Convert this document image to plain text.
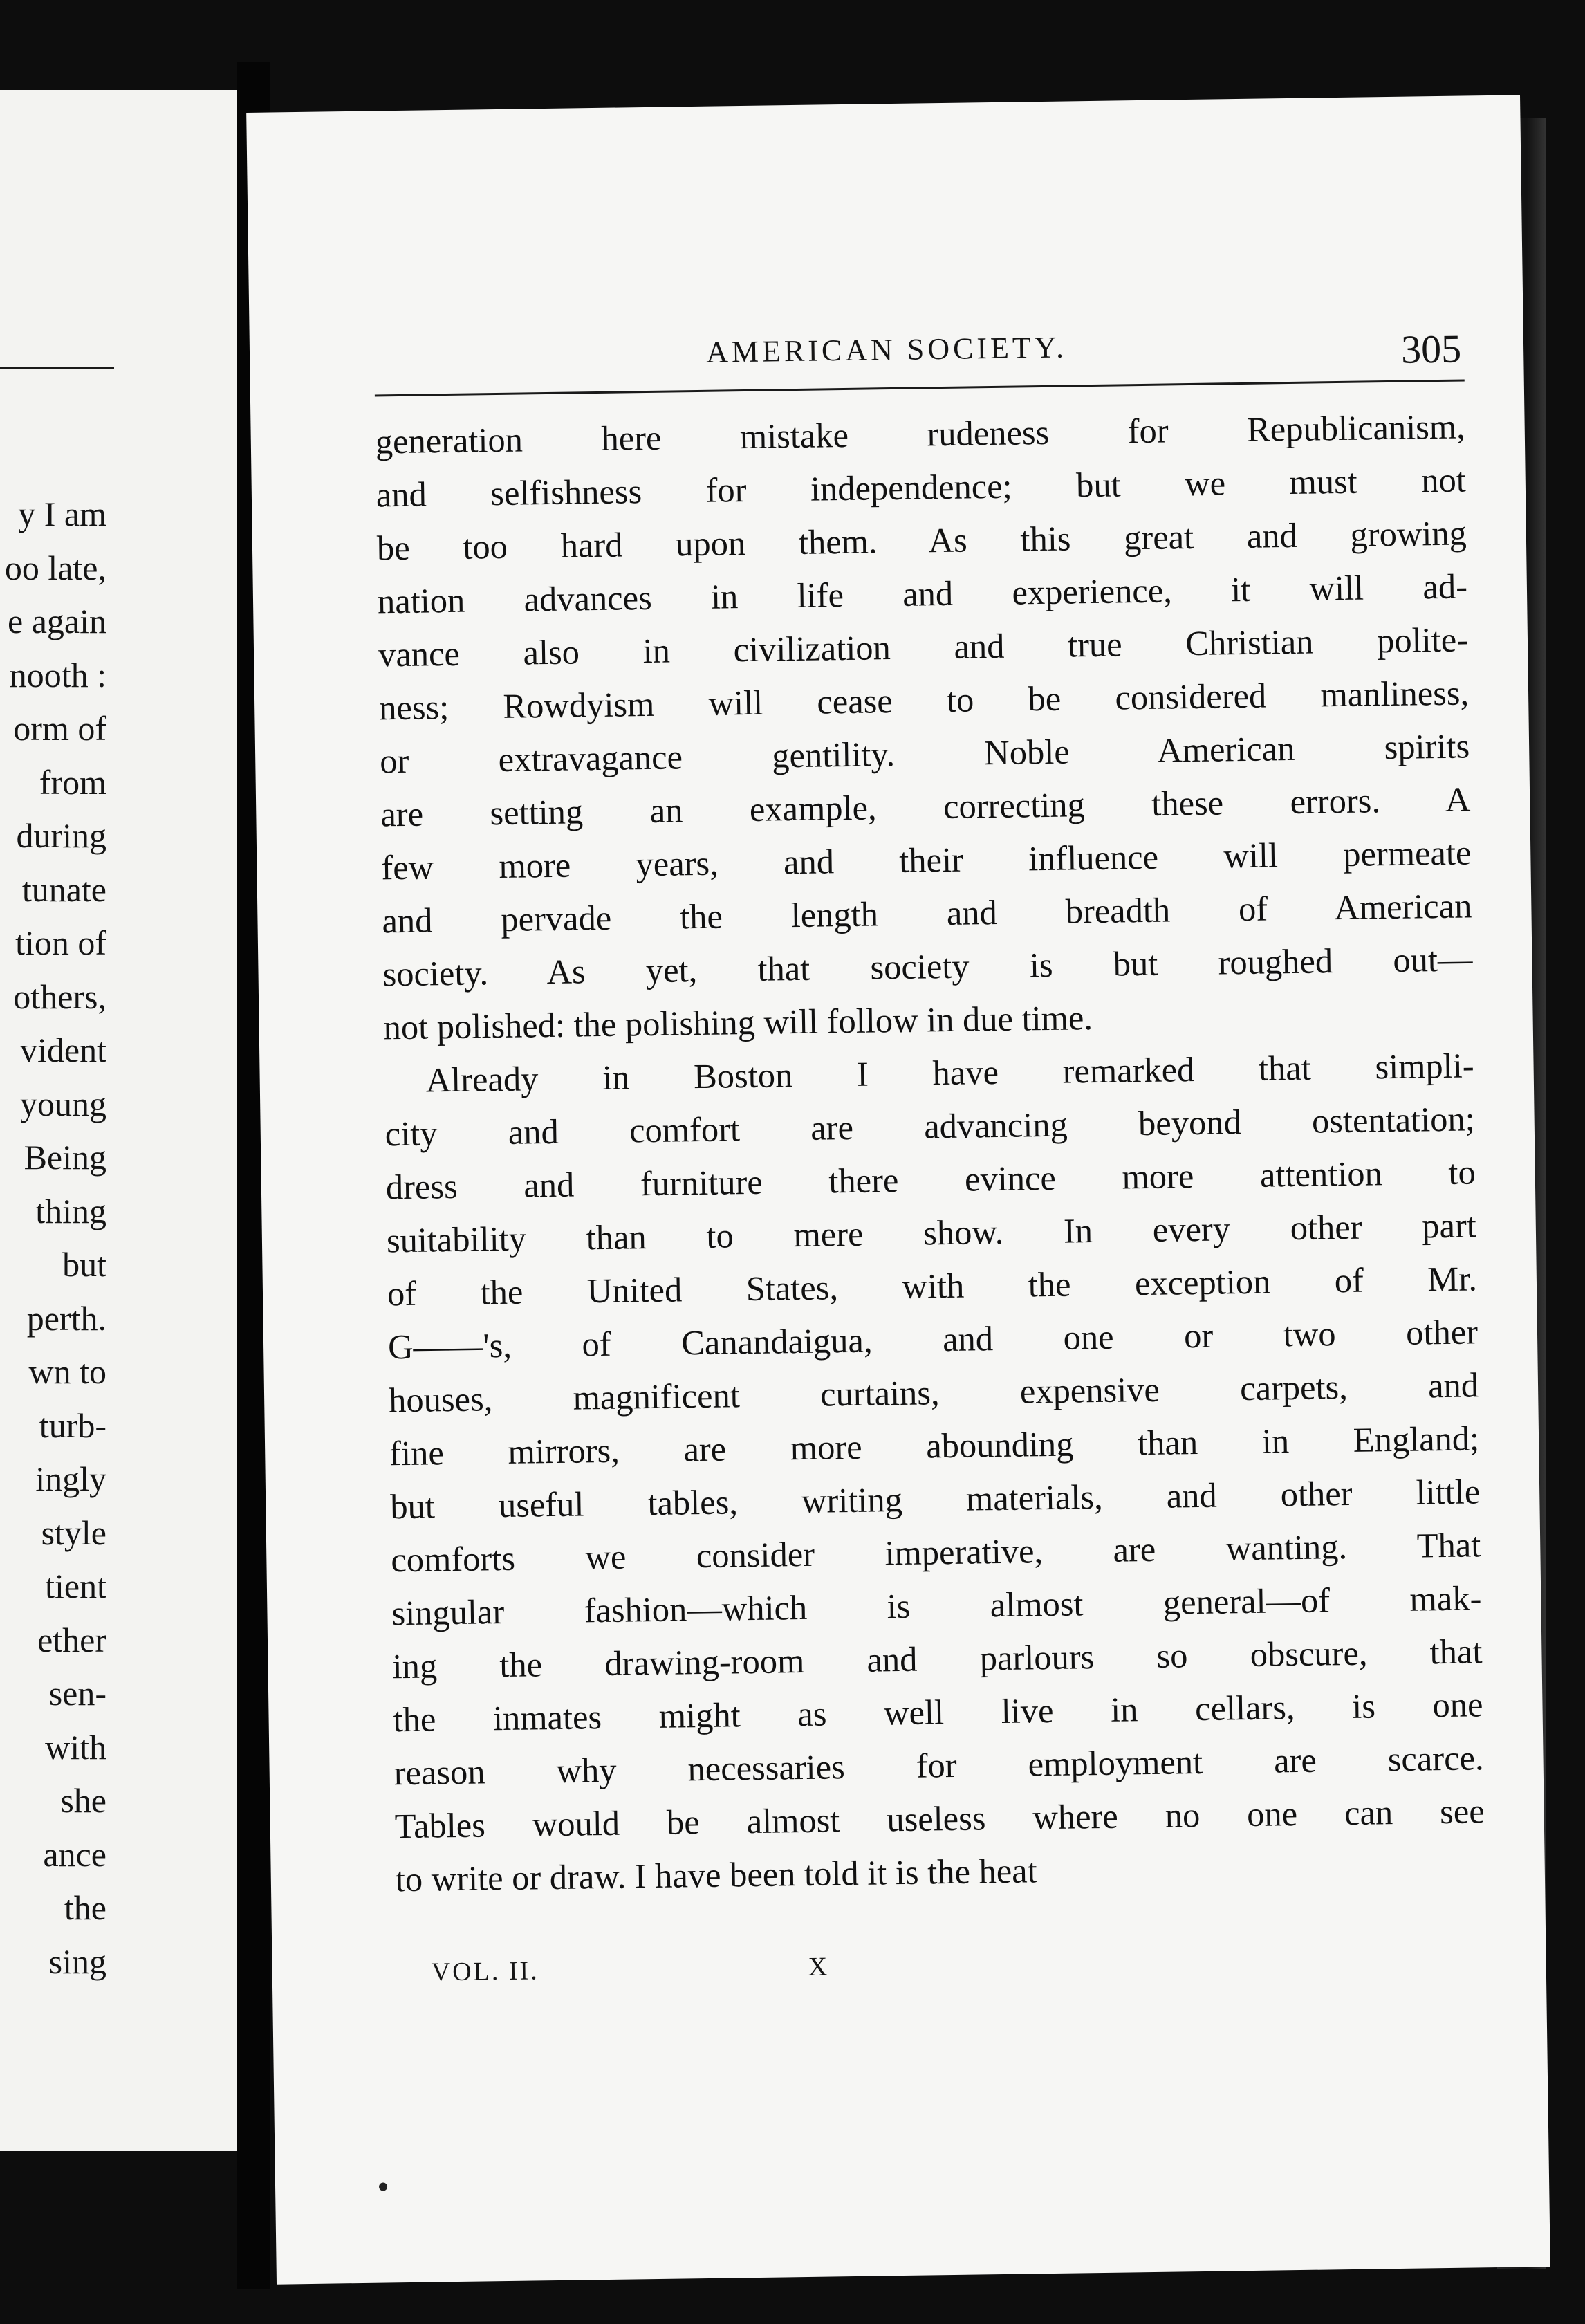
y I am
oo late,
e again
nooth :
orm of
from
during
tunate
tion of
others,
vident
young
Being
thing
but
perth.
wn to
turb-
ingly
style
tient
ether
sen-
with
she
ance
the
sing
AMERICAN SOCIETY.	305
generation here mistake rudeness for Republicanism,
and selfishness for independence; but we must not
be too hard upon them. As this great and growing
nation advances in life and experience, it will ad-
vance also in civilization and true Christian polite-
ness; Rowdyism will cease to be considered manliness,
or extravagance gentility. Noble American spirits
are setting an example, correcting these errors. A
few more years, and their influence will permeate
and pervade the length and breadth of American
society. As yet, that society is but roughed out—
not polished: the polishing will follow in due time.
Already in Boston I have remarked that simpli-
city and comfort are advancing beyond ostentation;
dress and furniture there evince more attention to
suitability than to mere show. In every other part
of the United States, with the exception of Mr.
G——'s, of Canandaigua, and one or two other
houses, magnificent curtains, expensive carpets, and
fine mirrors, are more abounding than in England;
but useful tables, writing materials, and other little
comforts we consider imperative, are wanting. That
singular fashion—which is almost general—of mak-
ing the drawing-room and parlours so obscure, that
the inmates might as well live in cellars, is one
reason why necessaries for employment are scarce.
Tables would be almost useless where no one can see
to write or draw. I have been told it is the heat
VOL. II.	X
